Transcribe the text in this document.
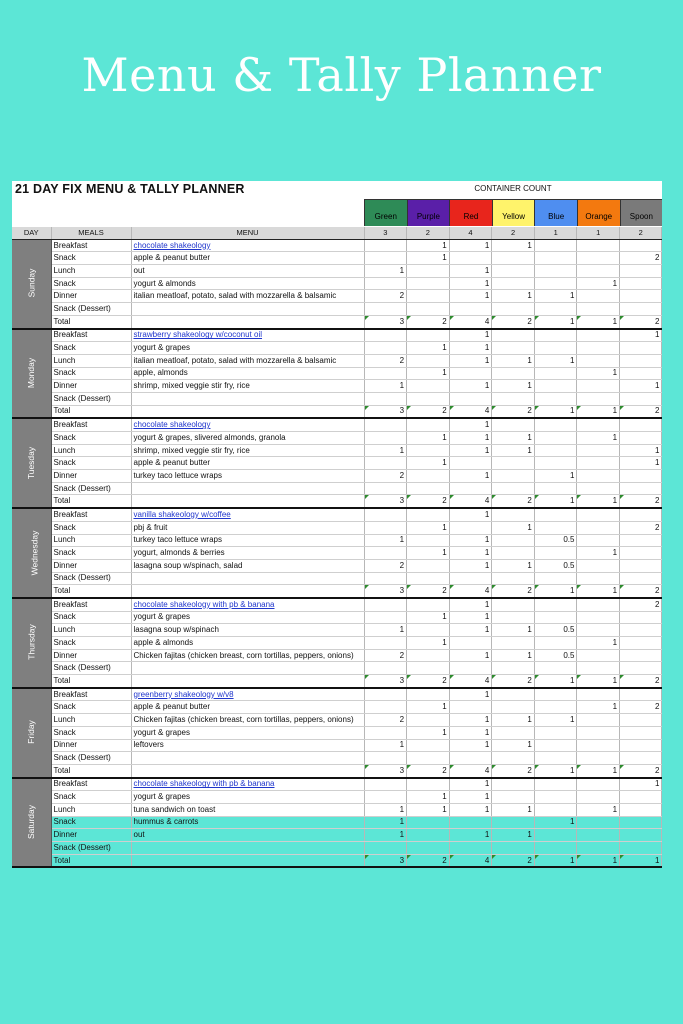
Menu & Tally Planner
21 DAY FIX MENU & TALLY PLANNER	CONTAINER COUNT
Green	Purple	Red	Yellow	Blue	Orange	Spoon
DAY	MEALS	MENU	3	2	4	2	1	1	2
Sunday	Breakfast	chocolate shakeology		1	1	1			
	Snack	apple & peanut butter		1					2
	Lunch	out	1		1				
	Snack	yogurt & almonds			1			1	
	Dinner	italian meatloaf, potato, salad with mozzarella & balsamic	2		1	1	1		
	Snack (Dessert)								
	Total		3	2	4	2	1	1	2
Monday	Breakfast	strawberry shakeology w/coconut oil			1				1
	Snack	yogurt & grapes		1	1				
	Lunch	italian meatloaf, potato, salad with mozzarella & balsamic	2		1	1	1		
	Snack	apple, almonds		1				1	
	Dinner	shrimp, mixed veggie stir fry, rice	1		1	1			1
	Snack (Dessert)								
	Total		3	2	4	2	1	1	2
Tuesday	Breakfast	chocolate shakeology			1				
	Snack	yogurt & grapes, slivered almonds, granola		1	1	1		1	
	Lunch	shrimp, mixed veggie stir fry, rice	1		1	1			1
	Snack	apple & peanut butter		1					1
	Dinner	turkey taco lettuce wraps	2		1		1		
	Snack (Dessert)								
	Total		3	2	4	2	1	1	2
Wednesday	Breakfast	vanilla shakeology w/coffee			1				
	Snack	pbj & fruit		1		1			2
	Lunch	turkey taco lettuce wraps	1		1		0.5		
	Snack	yogurt, almonds & berries		1	1			1	
	Dinner	lasagna soup w/spinach, salad	2		1	1	0.5		
	Snack (Dessert)								
	Total		3	2	4	2	1	1	2
Thursday	Breakfast	chocolate shakeology with pb & banana			1				2
	Snack	yogurt & grapes		1	1				
	Lunch	lasagna soup w/spinach	1		1	1	0.5		
	Snack	apple & almonds		1				1	
	Dinner	Chicken fajitas (chicken breast, corn tortillas, peppers, onions)	2		1	1	0.5		
	Snack (Dessert)								
	Total		3	2	4	2	1	1	2
Friday	Breakfast	greenberry shakeology w/v8			1				
	Snack	apple & peanut butter		1				1	2
	Lunch	Chicken fajitas (chicken breast, corn tortillas, peppers, onions)	2		1	1	1		
	Snack	yogurt & grapes		1	1				
	Dinner	leftovers	1		1	1			
	Snack (Dessert)								
	Total		3	2	4	2	1	1	2
Saturday	Breakfast	chocolate shakeology with pb & banana			1				1
	Snack	yogurt & grapes		1	1				
	Lunch	tuna sandwich on toast	1	1	1	1		1	
	Snack	hummus & carrots	1				1		
	Dinner	out	1		1	1			
	Snack (Dessert)								
	Total		3	2	4	2	1	1	1
